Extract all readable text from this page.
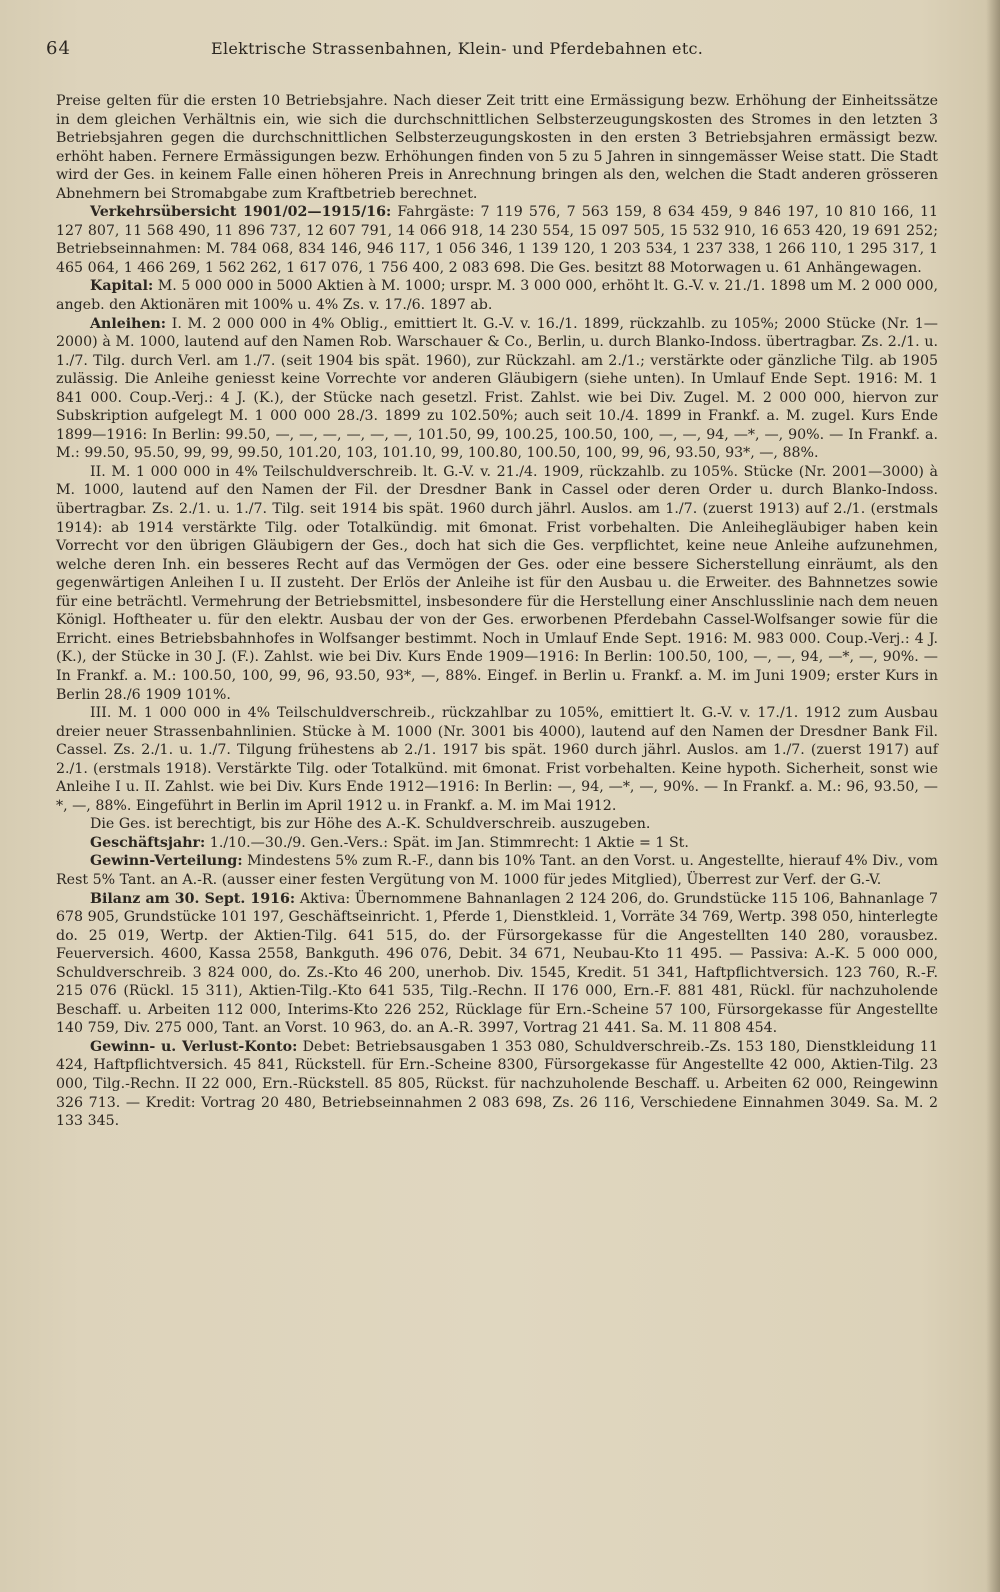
64	Elektrische Strassenbahnen, Klein- und Pferdebahnen etc.

Preise gelten für die ersten 10 Betriebsjahre. Nach dieser Zeit tritt eine Ermässigung bezw. Erhöhung der Einheitssätze in dem gleichen Verhältnis ein, wie sich die durchschnittlichen Selbsterzeugungskosten des Stromes in den letzten 3 Betriebsjahren gegen die durchschnittlichen Selbsterzeugungskosten in den ersten 3 Betriebsjahren ermässigt bezw. erhöht haben. Fernere Ermässigungen bezw. Erhöhungen finden von 5 zu 5 Jahren in sinngemässer Weise statt. Die Stadt wird der Ges. in keinem Falle einen höheren Preis in Anrechnung bringen als den, welchen die Stadt anderen grösseren Abnehmern bei Stromabgabe zum Kraftbetrieb berechnet.

Verkehrsübersicht 1901/02—1915/16: Fahrgäste: 7 119 576, 7 563 159, 8 634 459, 9 846 197, 10 810 166, 11 127 807, 11 568 490, 11 896 737, 12 607 791, 14 066 918, 14 230 554, 15 097 505, 15 532 910, 16 653 420, 19 691 252; Betriebseinnahmen: M. 784 068, 834 146, 946 117, 1 056 346, 1 139 120, 1 203 534, 1 237 338, 1 266 110, 1 295 317, 1 465 064, 1 466 269, 1 562 262, 1 617 076, 1 756 400, 2 083 698. Die Ges. besitzt 88 Motorwagen u. 61 Anhängewagen.

Kapital: M. 5 000 000 in 5000 Aktien à M. 1000; urspr. M. 3 000 000, erhöht lt. G.-V. v. 21./1. 1898 um M. 2 000 000, angeb. den Aktionären mit 100% u. 4% Zs. v. 17./6. 1897 ab.

Anleihen: I. M. 2 000 000 in 4% Oblig., emittiert lt. G.-V. v. 16./1. 1899, rückzahlb. zu 105%; 2000 Stücke (Nr. 1—2000) à M. 1000, lautend auf den Namen Rob. Warschauer & Co., Berlin, u. durch Blanko-Indoss. übertragbar. Zs. 2./1. u. 1./7. Tilg. durch Verl. am 1./7. (seit 1904 bis spät. 1960), zur Rückzahl. am 2./1.; verstärkte oder gänzliche Tilg. ab 1905 zulässig. Die Anleihe geniesst keine Vorrechte vor anderen Gläubigern (siehe unten). In Umlauf Ende Sept. 1916: M. 1 841 000. Coup.-Verj.: 4 J. (K.), der Stücke nach gesetzl. Frist. Zahlst. wie bei Div. Zugel. M. 2 000 000, hiervon zur Subskription aufgelegt M. 1 000 000 28./3. 1899 zu 102.50%; auch seit 10./4. 1899 in Frankf. a. M. zugel. Kurs Ende 1899—1916: In Berlin: 99.50, —, —, —, —, —, —, 101.50, 99, 100.25, 100.50, 100, —, —, 94, —*, —, 90%. — In Frankf. a. M.: 99.50, 95.50, 99, 99, 99.50, 101.20, 103, 101.10, 99, 100.80, 100.50, 100, 99, 96, 93.50, 93*, —, 88%.

II. M. 1 000 000 in 4% Teilschuldverschreib. lt. G.-V. v. 21./4. 1909, rückzahlb. zu 105%. Stücke (Nr. 2001—3000) à M. 1000, lautend auf den Namen der Fil. der Dresdner Bank in Cassel oder deren Order u. durch Blanko-Indoss. übertragbar. Zs. 2./1. u. 1./7. Tilg. seit 1914 bis spät. 1960 durch jährl. Auslos. am 1./7. (zuerst 1913) auf 2./1. (erstmals 1914): ab 1914 verstärkte Tilg. oder Totalkündig. mit 6monat. Frist vorbehalten. Die Anleihegläubiger haben kein Vorrecht vor den übrigen Gläubigern der Ges., doch hat sich die Ges. verpflichtet, keine neue Anleihe aufzunehmen, welche deren Inh. ein besseres Recht auf das Vermögen der Ges. oder eine bessere Sicherstellung einräumt, als den gegenwärtigen Anleihen I u. II zusteht. Der Erlös der Anleihe ist für den Ausbau u. die Erweiter. des Bahnnetzes sowie für eine beträchtl. Vermehrung der Betriebsmittel, insbesondere für die Herstellung einer Anschlusslinie nach dem neuen Königl. Hoftheater u. für den elektr. Ausbau der von der Ges. erworbenen Pferdebahn Cassel-Wolfsanger sowie für die Erricht. eines Betriebsbahnhofes in Wolfsanger bestimmt. Noch in Umlauf Ende Sept. 1916: M. 983 000. Coup.-Verj.: 4 J. (K.), der Stücke in 30 J. (F.). Zahlst. wie bei Div. Kurs Ende 1909—1916: In Berlin: 100.50, 100, —, —, 94, —*, —, 90%. — In Frankf. a. M.: 100.50, 100, 99, 96, 93.50, 93*, —, 88%. Eingef. in Berlin u. Frankf. a. M. im Juni 1909; erster Kurs in Berlin 28./6 1909 101%.

III. M. 1 000 000 in 4% Teilschuldverschreib., rückzahlbar zu 105%, emittiert lt. G.-V. v. 17./1. 1912 zum Ausbau dreier neuer Strassenbahnlinien. Stücke à M. 1000 (Nr. 3001 bis 4000), lautend auf den Namen der Dresdner Bank Fil. Cassel. Zs. 2./1. u. 1./7. Tilgung frühestens ab 2./1. 1917 bis spät. 1960 durch jährl. Auslos. am 1./7. (zuerst 1917) auf 2./1. (erstmals 1918). Verstärkte Tilg. oder Totalkünd. mit 6monat. Frist vorbehalten. Keine hypoth. Sicherheit, sonst wie Anleihe I u. II. Zahlst. wie bei Div. Kurs Ende 1912—1916: In Berlin: —, 94, —*, —, 90%. — In Frankf. a. M.: 96, 93.50, —*, —, 88%. Eingeführt in Berlin im April 1912 u. in Frankf. a. M. im Mai 1912.

Die Ges. ist berechtigt, bis zur Höhe des A.-K. Schuldverschreib. auszugeben.

Geschäftsjahr: 1./10.—30./9. Gen.-Vers.: Spät. im Jan. Stimmrecht: 1 Aktie = 1 St.

Gewinn-Verteilung: Mindestens 5% zum R.-F., dann bis 10% Tant. an den Vorst. u. Angestellte, hierauf 4% Div., vom Rest 5% Tant. an A.-R. (ausser einer festen Vergütung von M. 1000 für jedes Mitglied), Überrest zur Verf. der G.-V.

Bilanz am 30. Sept. 1916: Aktiva: Übernommene Bahnanlagen 2 124 206, do. Grundstücke 115 106, Bahnanlage 7 678 905, Grundstücke 101 197, Geschäftseinricht. 1, Pferde 1, Dienstkleid. 1, Vorräte 34 769, Wertp. 398 050, hinterlegte do. 25 019, Wertp. der Aktien-Tilg. 641 515, do. der Fürsorgekasse für die Angestellten 140 280, vorausbez. Feuerversich. 4600, Kassa 2558, Bankguth. 496 076, Debit. 34 671, Neubau-Kto 11 495. — Passiva: A.-K. 5 000 000, Schuldverschreib. 3 824 000, do. Zs.-Kto 46 200, unerhob. Div. 1545, Kredit. 51 341, Haftpflichtversich. 123 760, R.-F. 215 076 (Rückl. 15 311), Aktien-Tilg.-Kto 641 535, Tilg.-Rechn. II 176 000, Ern.-F. 881 481, Rückl. für nachzuholende Beschaff. u. Arbeiten 112 000, Interims-Kto 226 252, Rücklage für Ern.-Scheine 57 100, Fürsorgekasse für Angestellte 140 759, Div. 275 000, Tant. an Vorst. 10 963, do. an A.-R. 3997, Vortrag 21 441. Sa. M. 11 808 454.

Gewinn- u. Verlust-Konto: Debet: Betriebsausgaben 1 353 080, Schuldverschreib.-Zs. 153 180, Dienstkleidung 11 424, Haftpflichtversich. 45 841, Rückstell. für Ern.-Scheine 8300, Fürsorgekasse für Angestellte 42 000, Aktien-Tilg. 23 000, Tilg.-Rechn. II 22 000, Ern.-Rückstell. 85 805, Rückst. für nachzuholende Beschaff. u. Arbeiten 62 000, Reingewinn 326 713. — Kredit: Vortrag 20 480, Betriebseinnahmen 2 083 698, Zs. 26 116, Verschiedene Einnahmen 3049. Sa. M. 2 133 345.
